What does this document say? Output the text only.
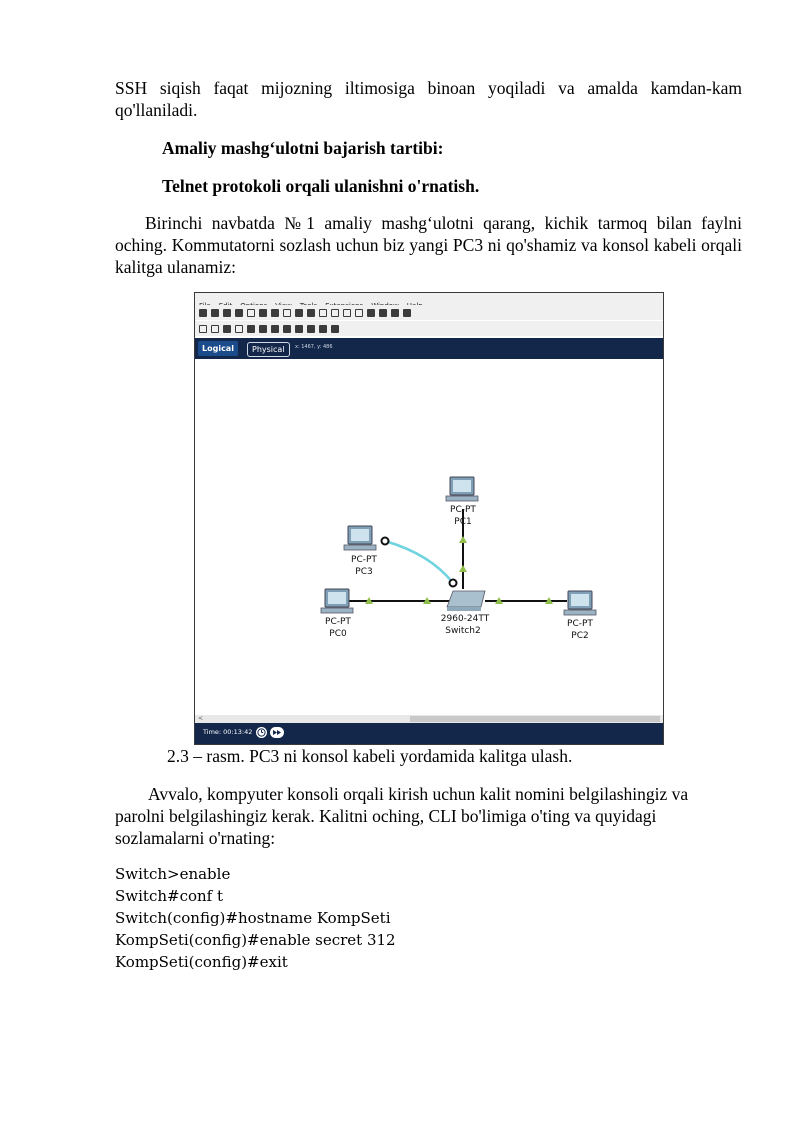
SSH siqish faqat mijozning iltimosiga binoan yoqiladi va amalda kamdan-kam qo'llaniladi.
Amaliy mashg‘ulotni bajarish tartibi:
Telnet protokoli orqali ulanishni o'rnatish.
Birinchi navbatda №1 amaliy mashg‘ulotni qarang, kichik tarmoq bilan faylni oching. Kommutatorni sozlash uchun biz yangi PC3 ni qo'shamiz va konsol kabeli orqali kalitga ulanamiz:
Logical	Physical	x: 1467, y: 486
PC-PT
PC1
PC-PT
PC3
PC-PT
PC0
PC-PT
PC2
2960-24TT
Switch2
<
Time: 00:13:42
2.3 – rasm. PC3 ni konsol kabeli yordamida kalitga ulash.
Avvalo, kompyuter konsoli orqali kirish uchun kalit nomini belgilashingiz va parolni belgilashingiz kerak. Kalitni oching, CLI bo'limiga o'ting va quyidagi sozlamalarni o'rnating:
Switch>enable
Switch#conf t
Switch(config)#hostname KompSeti
KompSeti(config)#enable secret 312
KompSeti(config)#exit
